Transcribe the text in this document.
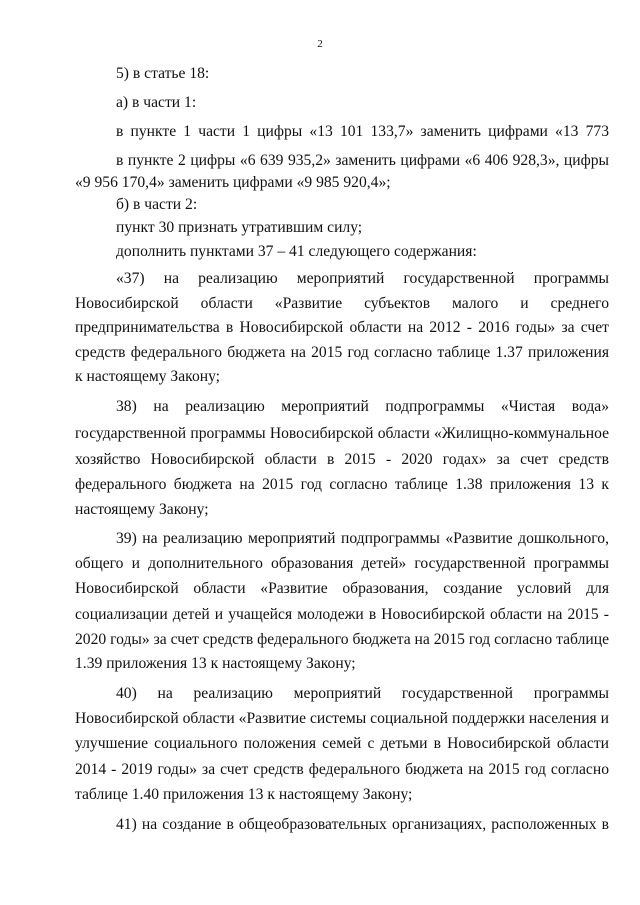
2
5) в статье 18:
а) в части 1:
в пункте 1 части 1 цифры «13 101 133,7» заменить цифрами «13 773
в пункте 2 цифры «6 639 935,2» заменить цифрами «6 406 928,3», цифры
«9 956 170,4» заменить цифрами «9 985 920,4»;
б) в части 2:
пункт 30 признать утратившим силу;
дополнить пунктами 37 – 41 следующего содержания:
«37) на реализацию мероприятий государственной программы
Новосибирской области «Развитие субъектов малого и среднего
предпринимательства в Новосибирской области на 2012 - 2016 годы» за счет
средств федерального бюджета на 2015 год согласно таблице 1.37 приложения
к настоящему Закону;
38) на реализацию мероприятий подпрограммы «Чистая вода»
государственной программы Новосибирской области «Жилищно-коммунальное
хозяйство Новосибирской области в 2015 - 2020 годах» за счет средств
федерального бюджета на 2015 год согласно таблице 1.38 приложения 13 к
настоящему Закону;
39) на реализацию мероприятий подпрограммы «Развитие дошкольного,
общего и дополнительного образования детей» государственной программы
Новосибирской области «Развитие образования, создание условий для
социализации детей и учащейся молодежи в Новосибирской области на 2015 -
2020 годы» за счет средств федерального бюджета на 2015 год согласно таблице
1.39 приложения 13 к настоящему Закону;
40) на реализацию мероприятий государственной программы
Новосибирской области «Развитие системы социальной поддержки населения и
улучшение социального положения семей с детьми в Новосибирской области
2014 - 2019 годы» за счет средств федерального бюджета на 2015 год согласно
таблице 1.40 приложения 13 к настоящему Закону;
41) на создание в общеобразовательных организациях, расположенных в
